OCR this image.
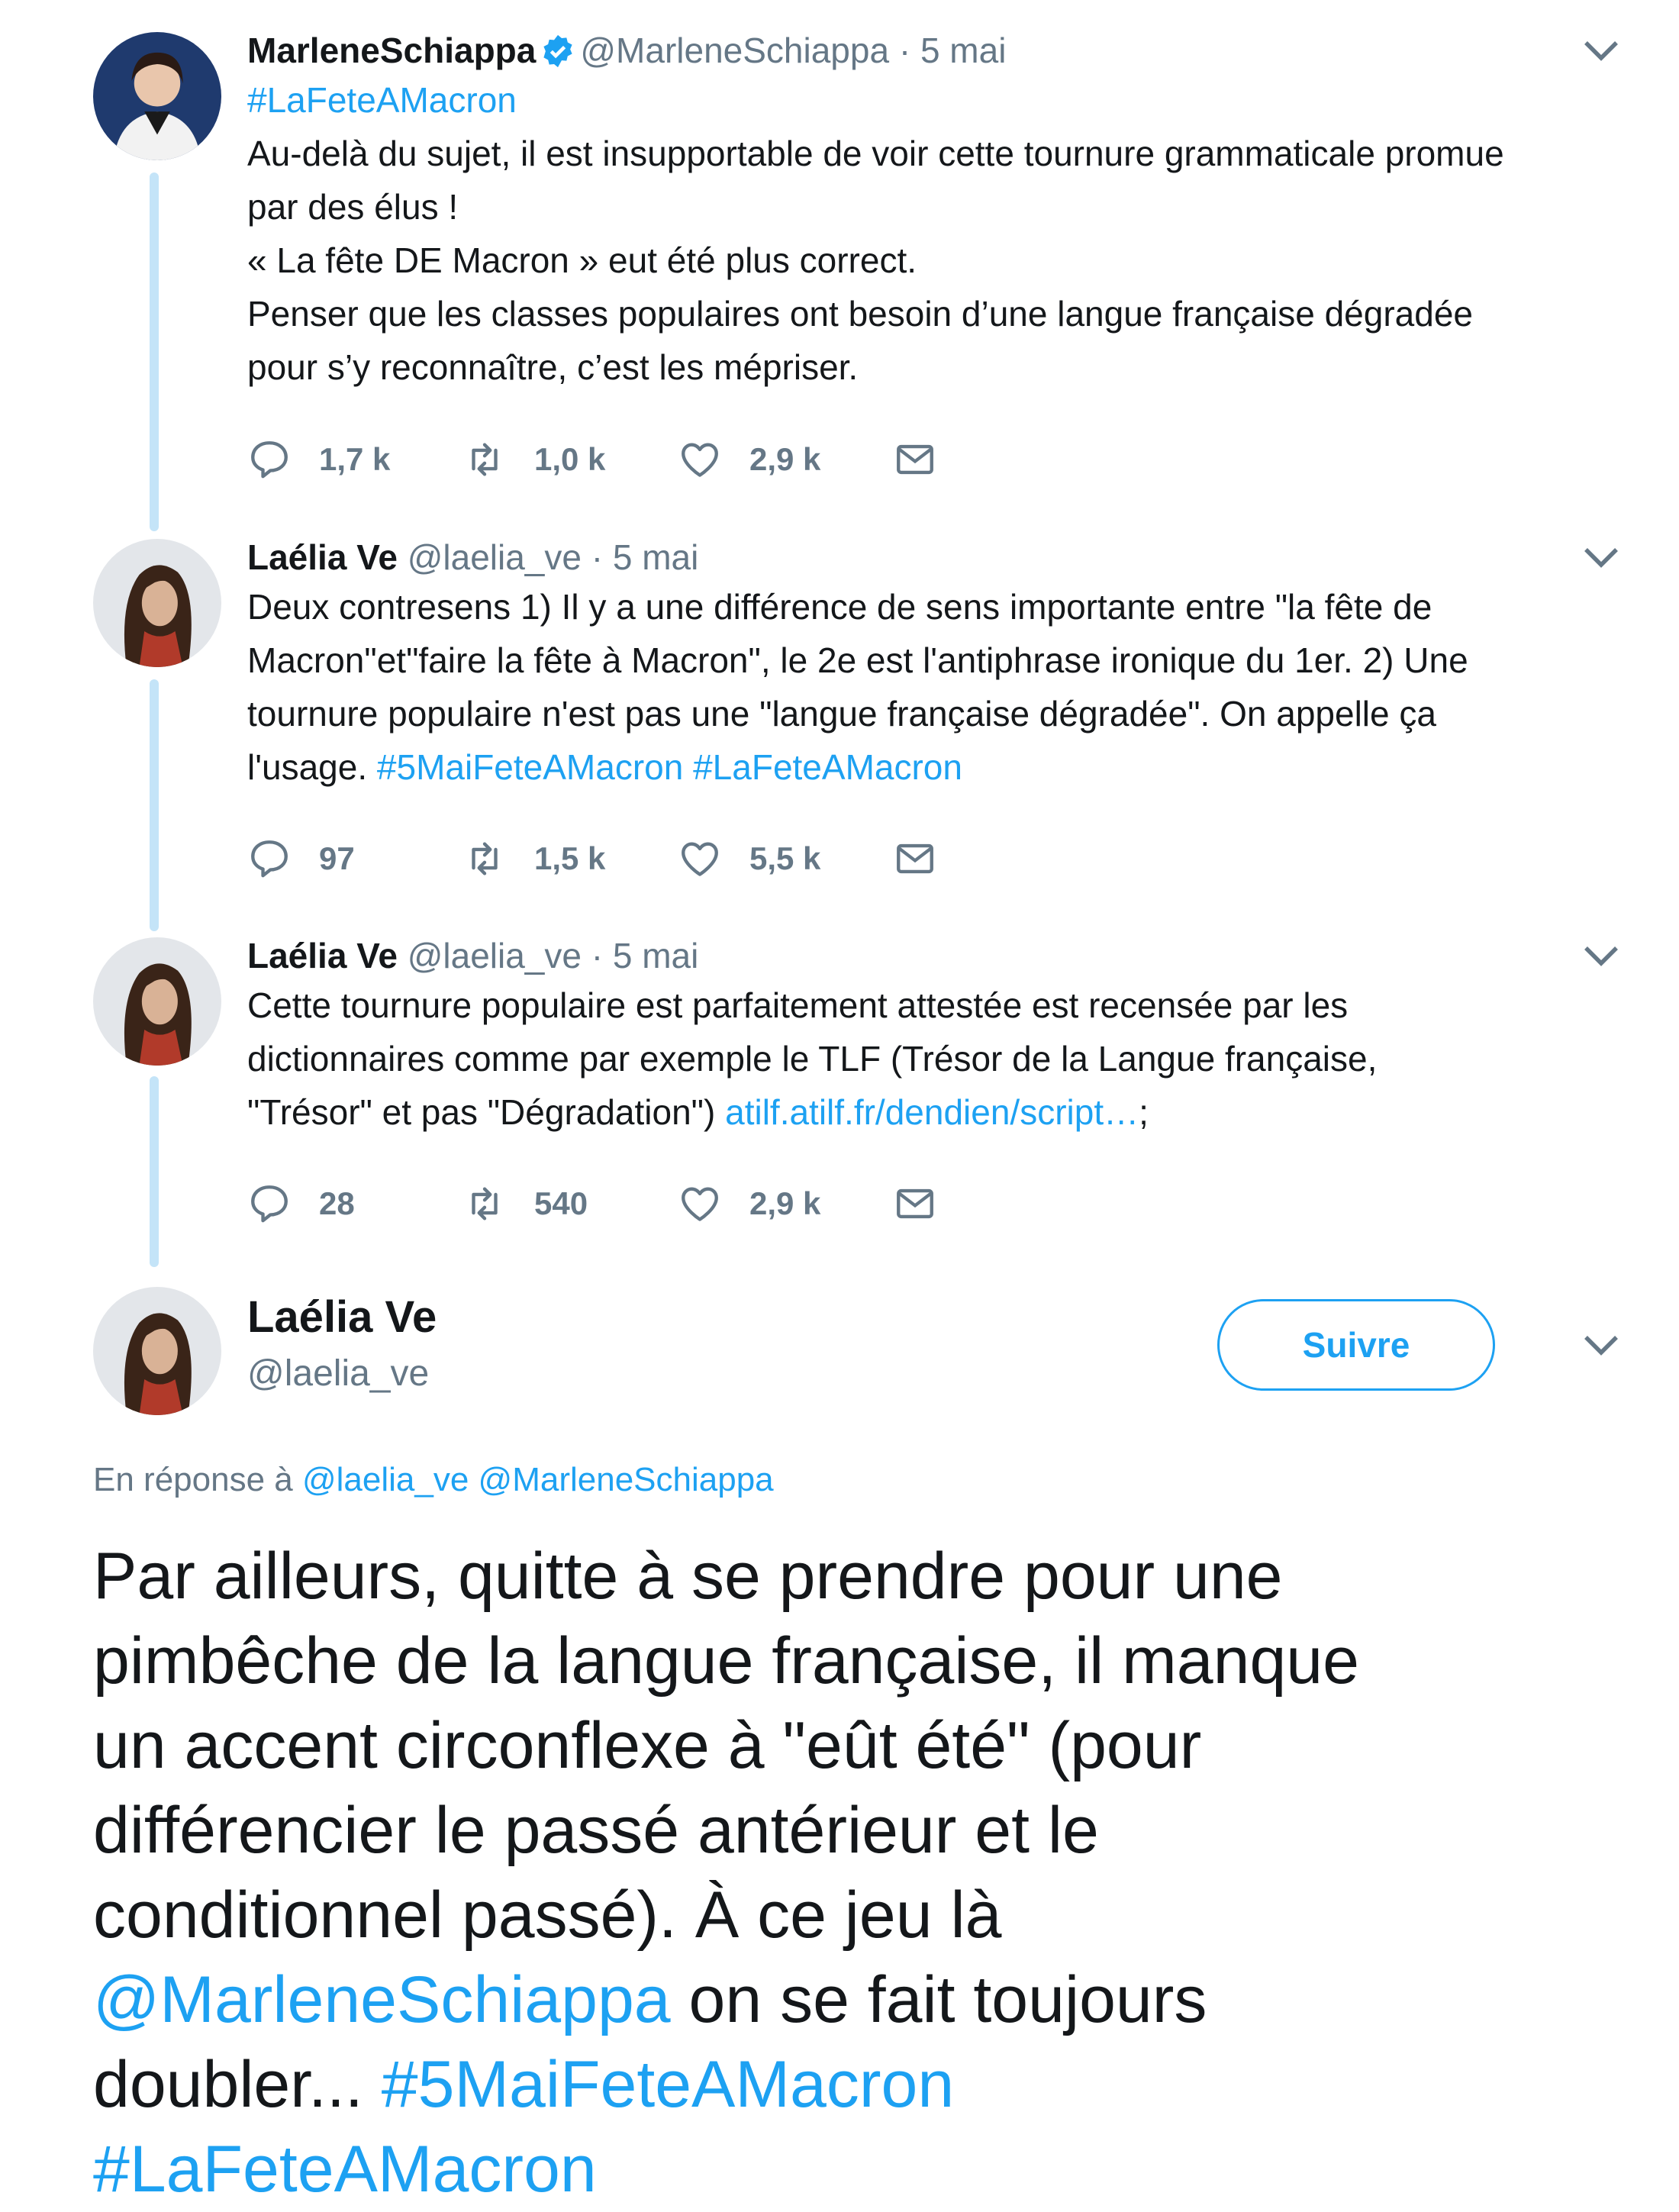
MarleneSchiappa @MarleneSchiappa · 5 mai

#LaFeteAMacron

Au-delà du sujet, il est insupportable de voir cette tournure grammaticale promue

par des élus !

« La fête DE Macron » eut été plus correct.

Penser que les classes populaires ont besoin d’une langue française dégradée

pour s’y reconnaître, c’est les mépriser.

1,7 k	1,0 k	2,9 k
Laélia Ve @laelia_ve · 5 mai

Deux contresens 1) Il y a une différence de sens importante entre "la fête de

Macron"et"faire la fête à Macron", le 2e est l'antiphrase ironique du 1er. 2) Une

tournure populaire n'est pas une "langue française dégradée". On appelle ça

l'usage. #5MaiFeteAMacron #LaFeteAMacron

97	1,5 k	5,5 k
Laélia Ve @laelia_ve · 5 mai

Cette tournure populaire est parfaitement attestée est recensée par les

dictionnaires comme par exemple le TLF (Trésor de la Langue française,

"Trésor" et pas "Dégradation") atilf.atilf.fr/dendien/script…;

28	540	2,9 k
Laélia Ve
@laelia_ve
Suivre
En réponse à @laelia_ve @MarleneSchiappa
Par ailleurs, quitte à se prendre pour une
pimbêche de la langue française, il manque
un accent circonflexe à "eût été" (pour
différencier le passé antérieur et le
conditionnel passé). À ce jeu là
@MarleneSchiappa on se fait toujours
doubler... #5MaiFeteAMacron
#LaFeteAMacron
